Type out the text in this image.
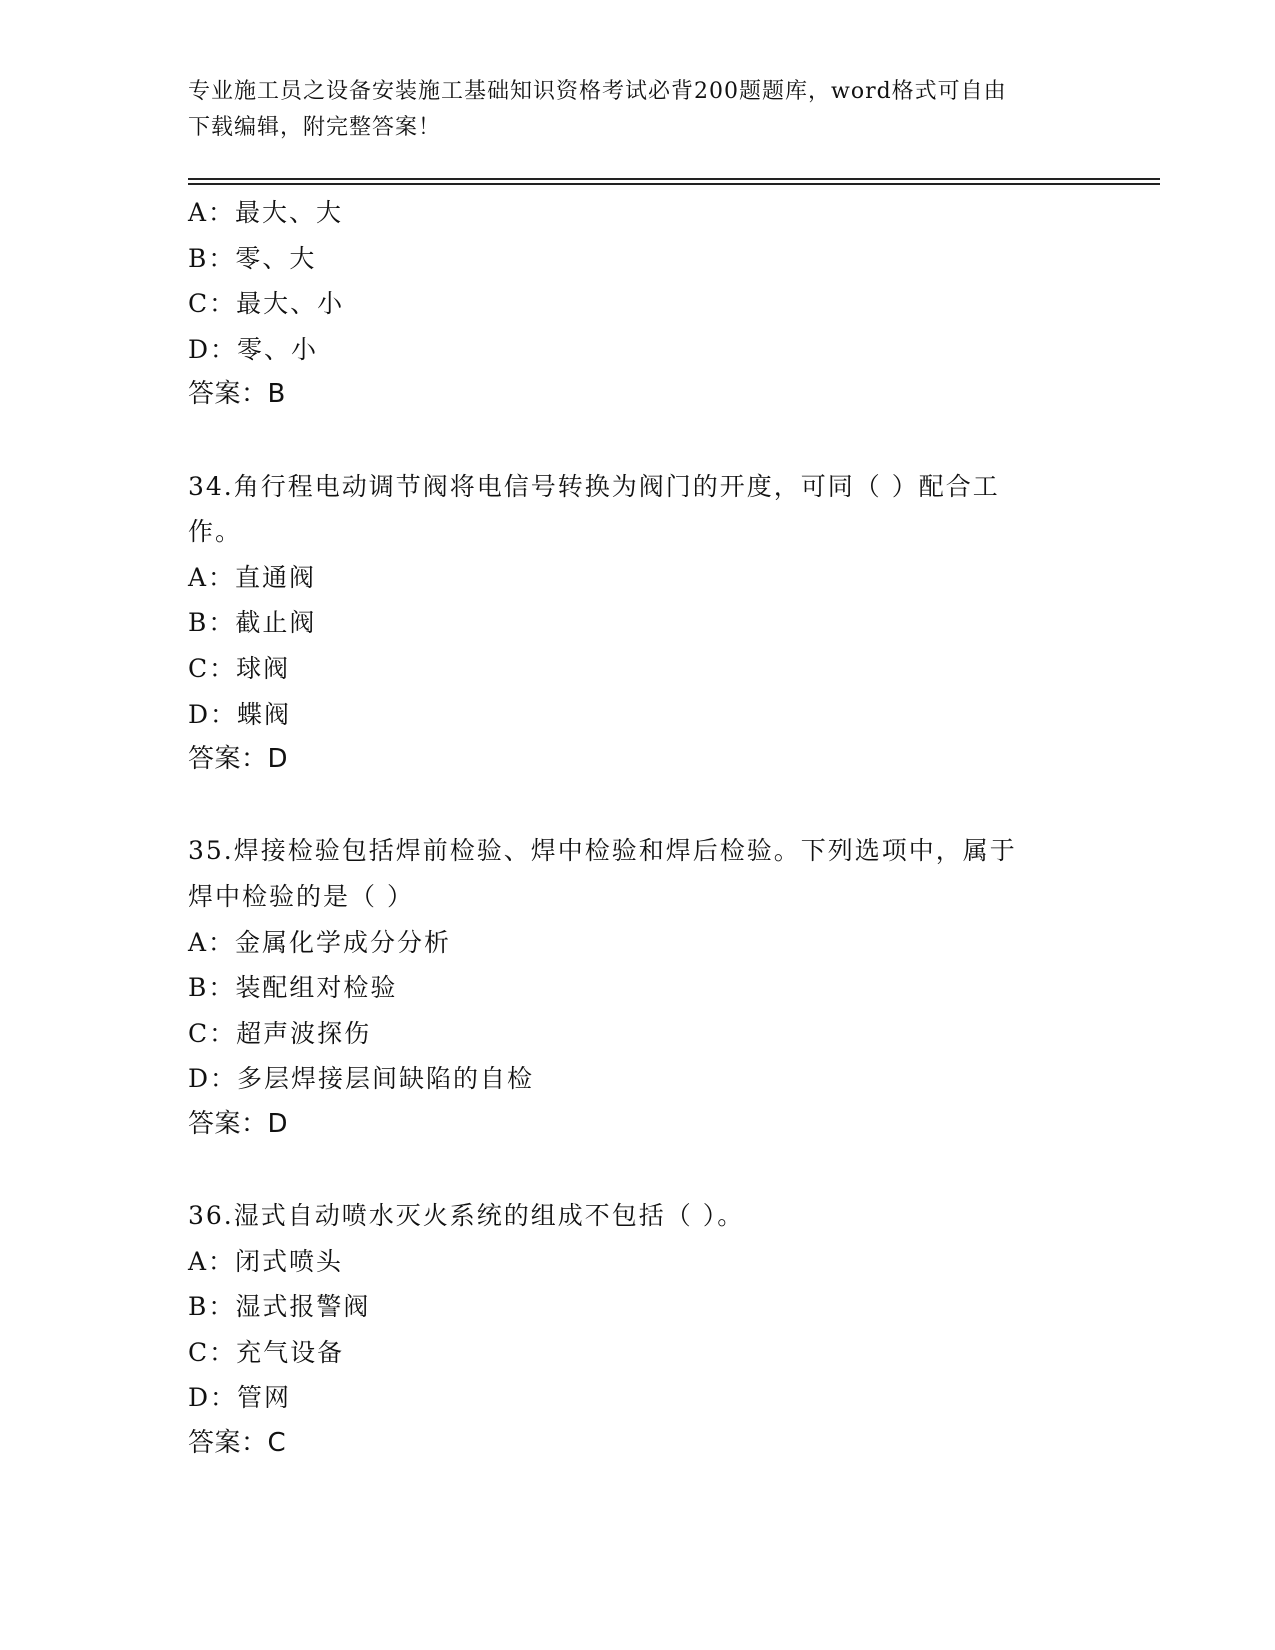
专业施工员之设备安装施工基础知识资格考试必背200题题库，word格式可自由
下载编辑，附完整答案！
A：最大、大
B：零、大
C：最大、小
D：零、小
答案：B
34.角行程电动调节阀将电信号转换为阀门的开度，可同（ ）配合工
作。
A：直通阀
B：截止阀
C：球阀
D：蝶阀
答案：D
35.焊接检验包括焊前检验、焊中检验和焊后检验。下列选项中，属于
焊中检验的是（ ）
A：金属化学成分分析
B：装配组对检验
C：超声波探伤
D：多层焊接层间缺陷的自检
答案：D
36.湿式自动喷水灭火系统的组成不包括（ ）。
A：闭式喷头
B：湿式报警阀
C：充气设备
D：管网
答案：C
